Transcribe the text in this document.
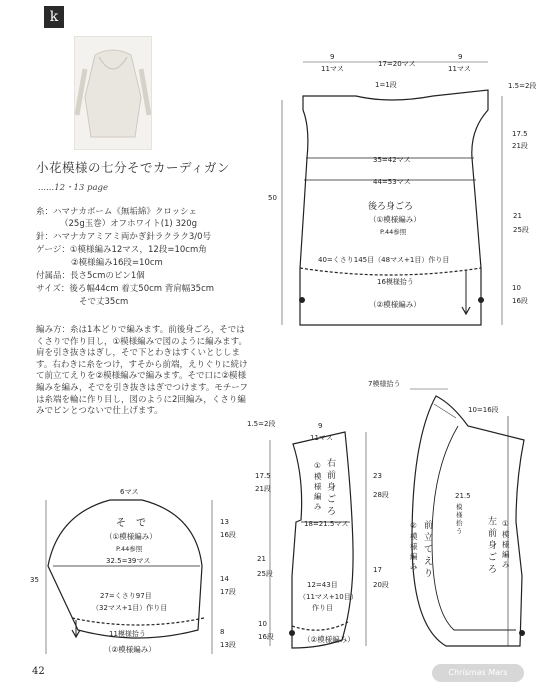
k
小花模様の七分そでカーディガン
......12・13 page
糸：ハマナカボーム《無垢綿》クロッシェ
（25g玉巻）オフホワイト(1) 320g
針：ハマナカアミアミ両かぎ針ラクラク3/0号
ゲージ：①模様編み12マス，12段=10cm角
②模様編み16段=10cm
付属品：長さ5cmのピン1個
サイズ：後ろ幅44cm 着丈50cm 背肩幅35cm
そで丈35cm
編み方：糸は1本どりで編みます。前後身ごろ，そではくさりで作り目し，①模様編みで図のように編みます。肩を引き抜きはぎし，そで下とわきはすくいとじします。右わきに糸をつけ，すそから前端，えりぐりに続けて前立てえりを②模様編みで編みます。そで口に②模様編みを編み，そでを引き抜きはぎでつけます。モチーフは糸端を輪に作り目し，図のように2回編み，くさり編みでピンとつないで仕上げます。
9
11マス
17=20マス
9
11マス
1=1段	1.5=2段
17.5
21段
35=42マス
44=53マス
50
後ろ身ごろ
（①模様編み）
P.44参照
21
25段
40=くさり145目（48マス+1目）作り目
16模様拾う
10
16段
（②模様編み）
1.5=2段	9
11マス
17.5
21段
23
28段
18=21.5マス
21
25段	17
20段
12=43目
（11マス+10目）
作り目
10
16段	（②模様編み）
右
前
身
ご
ろ
①
模
様
編
み
7模様拾う
10=16段
21.5
模
様
拾
う
前
立
て
え
り
②
模
様
編
み
左
前
身
ご
ろ
①
模
様
編
み
6マス
そ　で
（①模様編み）
P.44参照
32.5=39マス
13
16段
14
17段
35
27=くさり97目
（32マス+1目）作り目
11模様拾う	8
13段
（②模様編み）
42	Chrismas Mars
